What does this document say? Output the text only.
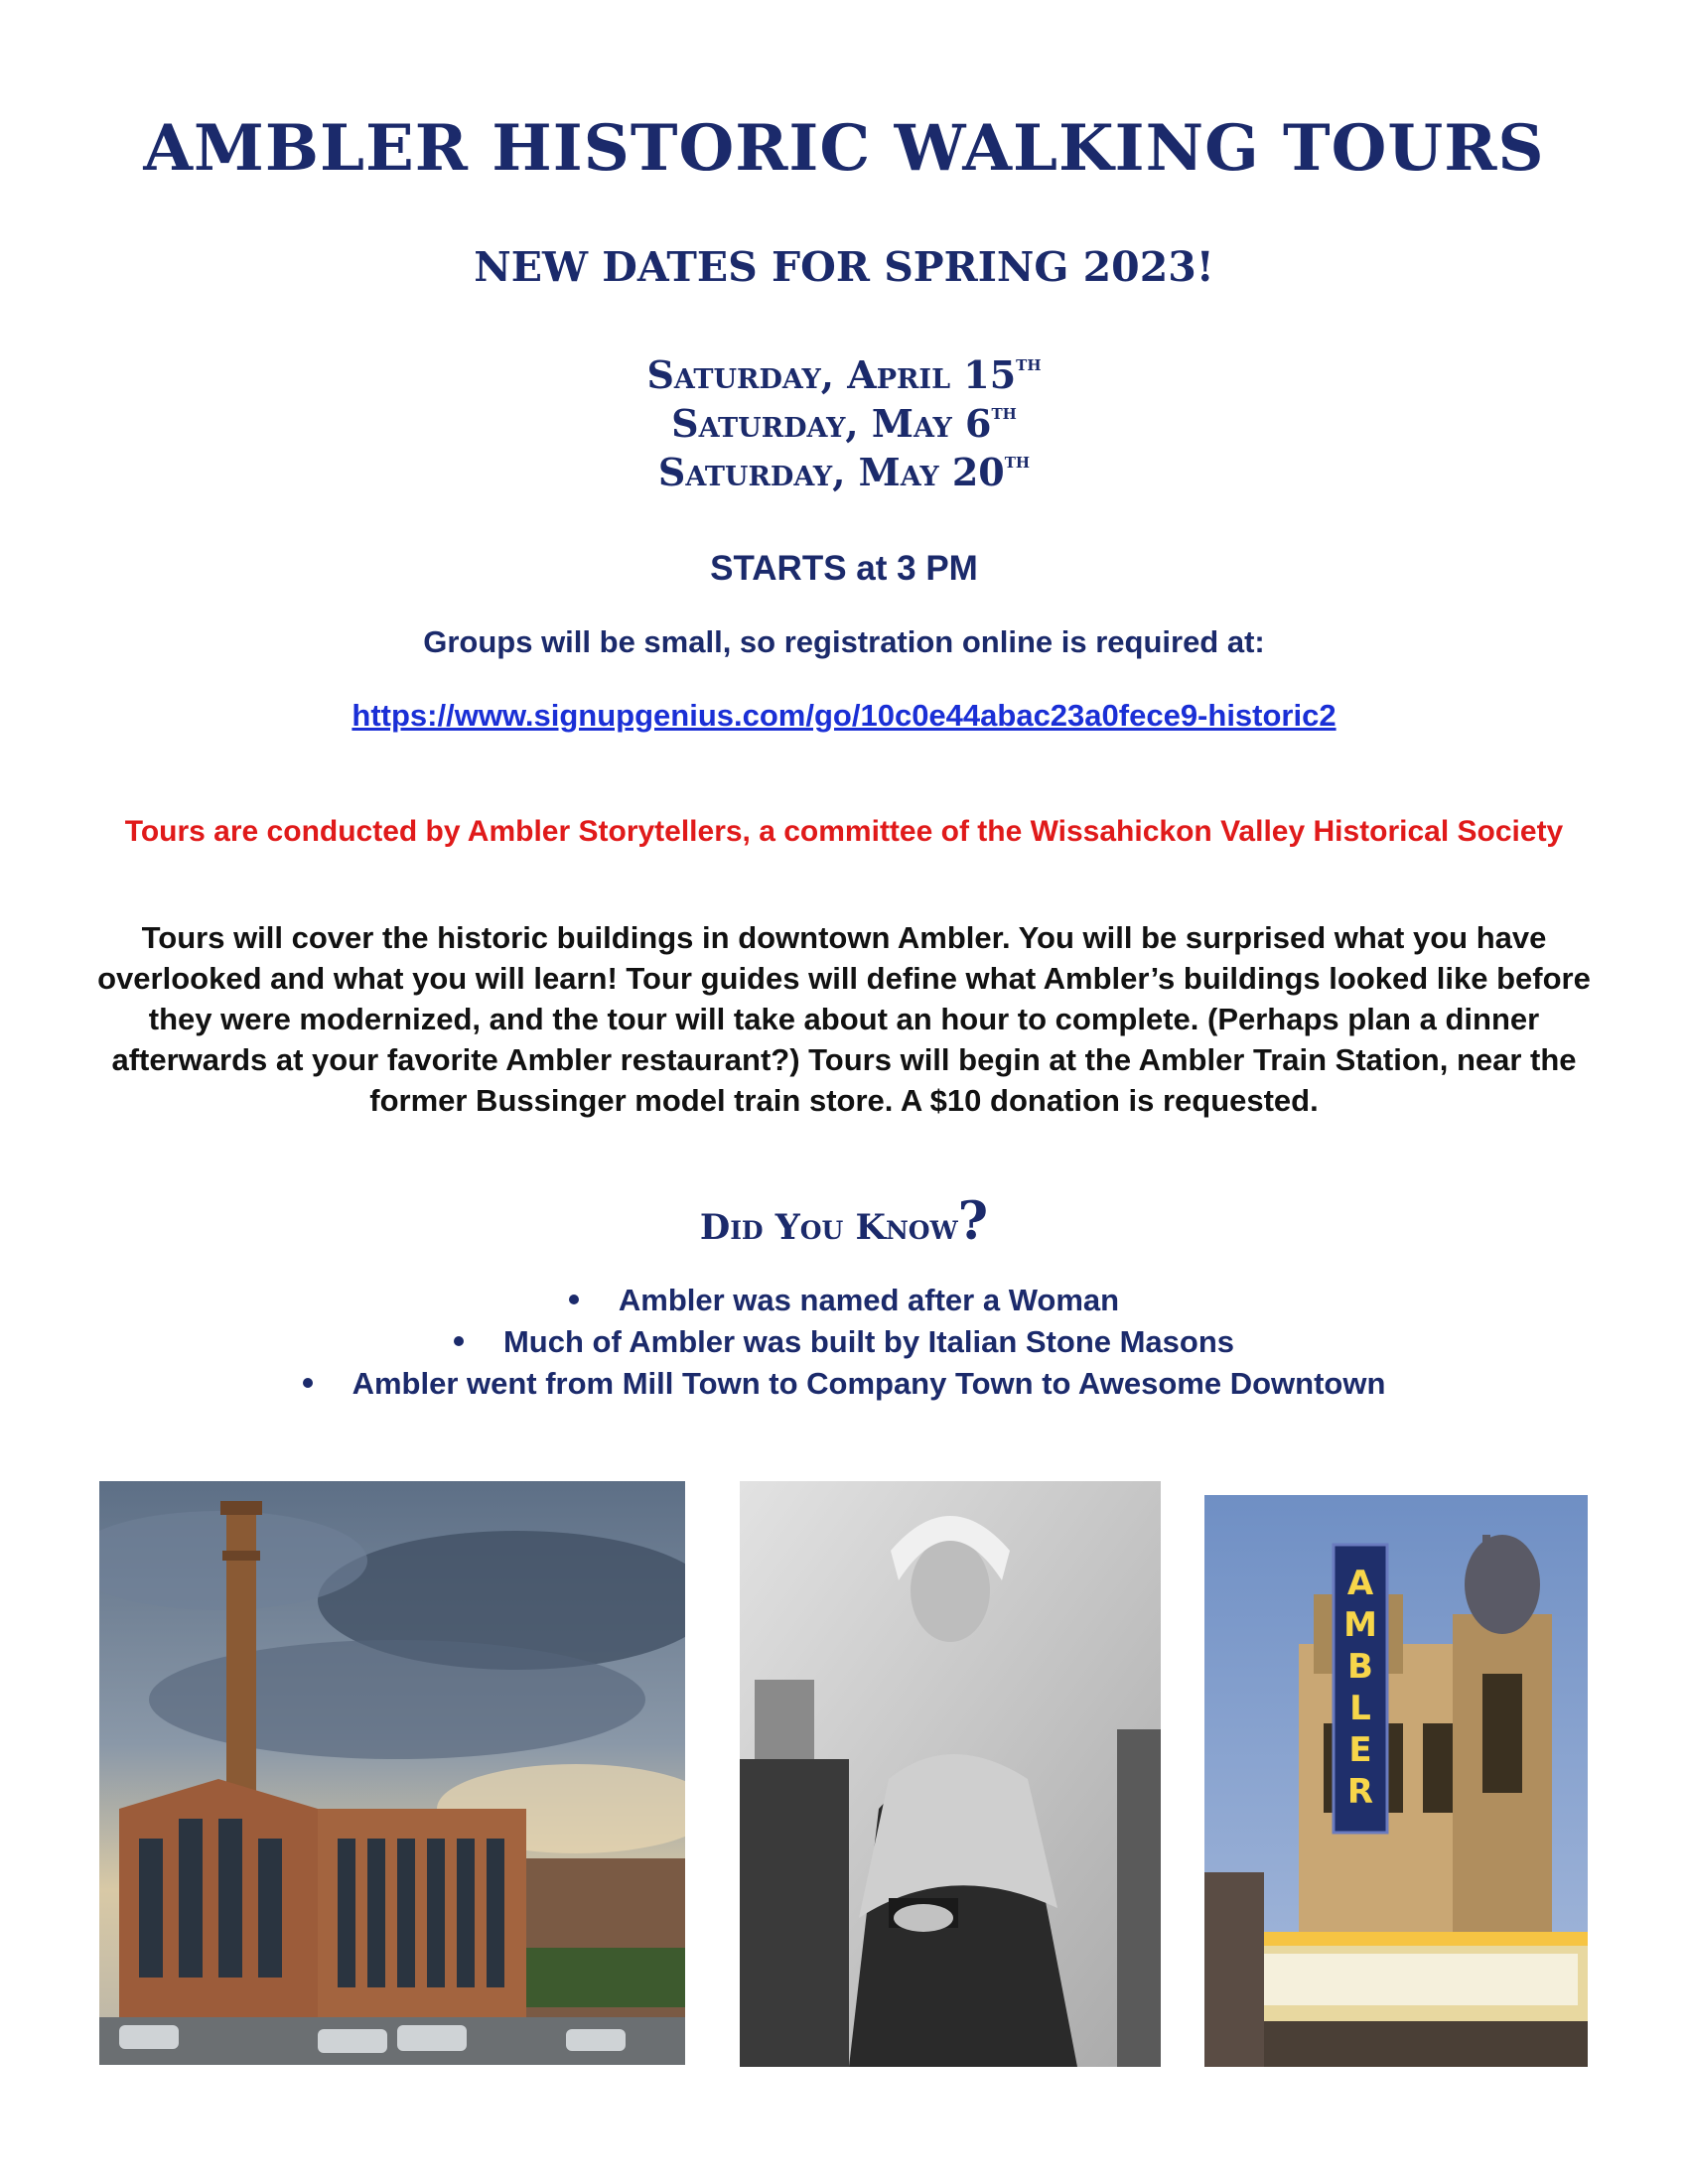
AMBLER HISTORIC WALKING TOURS
NEW DATES FOR SPRING 2023!
Saturday, April 15TH
Saturday, May 6TH
Saturday, May 20TH
STARTS at 3 PM
Groups will be small, so registration online is required at:
https://www.signupgenius.com/go/10c0e44abac23a0fece9-historic2
Tours are conducted by Ambler Storytellers, a committee of the Wissahickon Valley Historical Society
Tours will cover the historic buildings in downtown Ambler. You will be surprised what you have overlooked and what you will learn! Tour guides will define what Ambler’s buildings looked like before they were modernized, and the tour will take about an hour to complete. (Perhaps plan a dinner afterwards at your favorite Ambler restaurant?) Tours will begin at the Ambler Train Station, near the former Bussinger model train store. A $10 donation is requested.
Did You Know?
Ambler was named after a Woman
Much of Ambler was built by Italian Stone Masons
Ambler went from Mill Town to Company Town to Awesome Downtown
A
M
B
L
E
R
